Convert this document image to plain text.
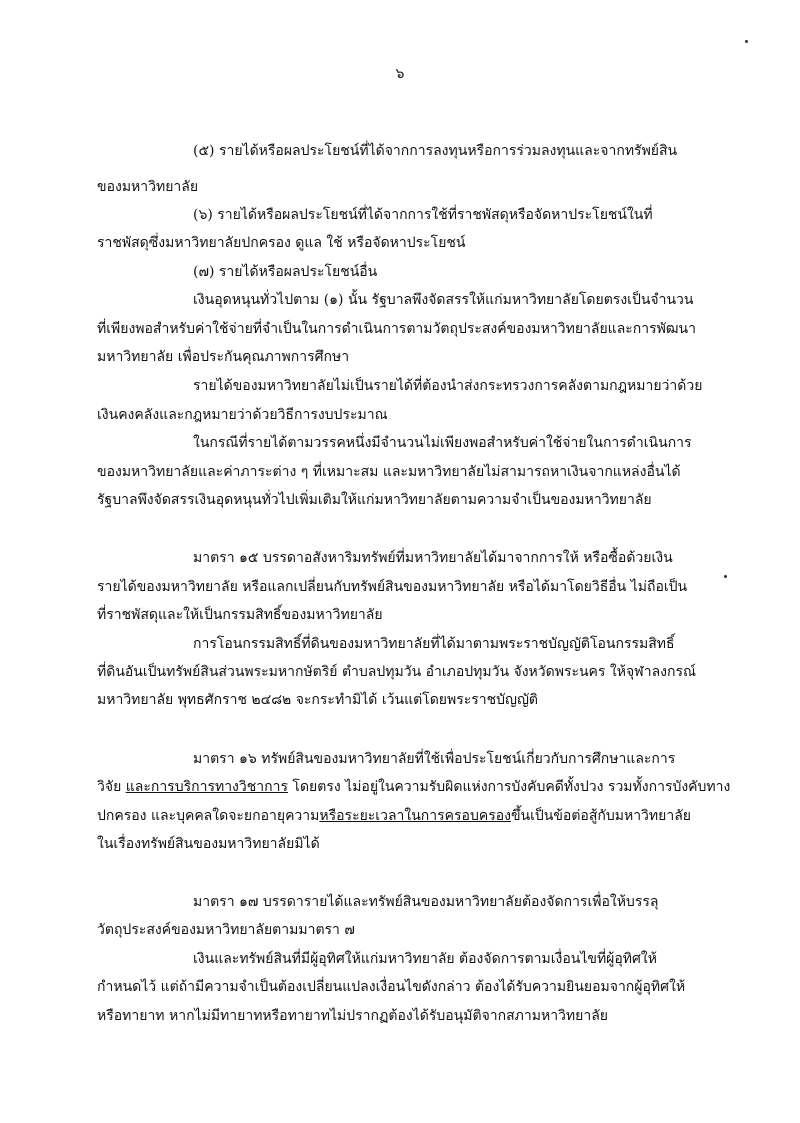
๖
(๕) รายได้หรือผลประโยชน์ที่ได้จากการลงทุนหรือการร่วมลงทุนและจากทรัพย์สิน
ของมหาวิทยาลัย
(๖) รายได้หรือผลประโยชน์ที่ได้จากการใช้ที่ราชพัสดุหรือจัดหาประโยชน์ในที่
ราชพัสดุซึ่งมหาวิทยาลัยปกครอง ดูแล ใช้ หรือจัดหาประโยชน์
(๗) รายได้หรือผลประโยชน์อื่น
เงินอุดหนุนทั่วไปตาม (๑) นั้น รัฐบาลพึงจัดสรรให้แก่มหาวิทยาลัยโดยตรงเป็นจำนวน
ที่เพียงพอสำหรับค่าใช้จ่ายที่จำเป็นในการดำเนินการตามวัตถุประสงค์ของมหาวิทยาลัยและการพัฒนา
มหาวิทยาลัย เพื่อประกันคุณภาพการศึกษา
รายได้ของมหาวิทยาลัยไม่เป็นรายได้ที่ต้องนำส่งกระทรวงการคลังตามกฎหมายว่าด้วย
เงินคงคลังและกฎหมายว่าด้วยวิธีการงบประมาณ
ในกรณีที่รายได้ตามวรรคหนึ่งมีจำนวนไม่เพียงพอสำหรับค่าใช้จ่ายในการดำเนินการ
ของมหาวิทยาลัยและค่าภาระต่าง ๆ ที่เหมาะสม และมหาวิทยาลัยไม่สามารถหาเงินจากแหล่งอื่นได้
รัฐบาลพึงจัดสรรเงินอุดหนุนทั่วไปเพิ่มเติมให้แก่มหาวิทยาลัยตามความจำเป็นของมหาวิทยาลัย
มาตรา ๑๕ บรรดาอสังหาริมทรัพย์ที่มหาวิทยาลัยได้มาจากการให้ หรือซื้อด้วยเงิน
รายได้ของมหาวิทยาลัย หรือแลกเปลี่ยนกับทรัพย์สินของมหาวิทยาลัย หรือได้มาโดยวิธีอื่น ไม่ถือเป็น
ที่ราชพัสดุและให้เป็นกรรมสิทธิ์ของมหาวิทยาลัย
การโอนกรรมสิทธิ์ที่ดินของมหาวิทยาลัยที่ได้มาตามพระราชบัญญัติโอนกรรมสิทธิ์
ที่ดินอันเป็นทรัพย์สินส่วนพระมหากษัตริย์ ตำบลปทุมวัน อำเภอปทุมวัน จังหวัดพระนคร ให้จุฬาลงกรณ์
มหาวิทยาลัย พุทธศักราช ๒๔๘๒ จะกระทำมิได้ เว้นแต่โดยพระราชบัญญัติ
มาตรา ๑๖ ทรัพย์สินของมหาวิทยาลัยที่ใช้เพื่อประโยชน์เกี่ยวกับการศึกษาและการ
วิจัย และการบริการทางวิชาการ โดยตรง ไม่อยู่ในความรับผิดแห่งการบังคับคดีทั้งปวง รวมทั้งการบังคับทาง
ปกครอง และบุคคลใดจะยกอายุความหรือระยะเวลาในการครอบครองขึ้นเป็นข้อต่อสู้กับมหาวิทยาลัย
ในเรื่องทรัพย์สินของมหาวิทยาลัยมิได้
มาตรา ๑๗ บรรดารายได้และทรัพย์สินของมหาวิทยาลัยต้องจัดการเพื่อให้บรรลุ
วัตถุประสงค์ของมหาวิทยาลัยตามมาตรา ๗
เงินและทรัพย์สินที่มีผู้อุทิศให้แก่มหาวิทยาลัย ต้องจัดการตามเงื่อนไขที่ผู้อุทิศให้
กำหนดไว้ แต่ถ้ามีความจำเป็นต้องเปลี่ยนแปลงเงื่อนไขดังกล่าว ต้องได้รับความยินยอมจากผู้อุทิศให้
หรือทายาท หากไม่มีทายาทหรือทายาทไม่ปรากฏต้องได้รับอนุมัติจากสภามหาวิทยาลัย
